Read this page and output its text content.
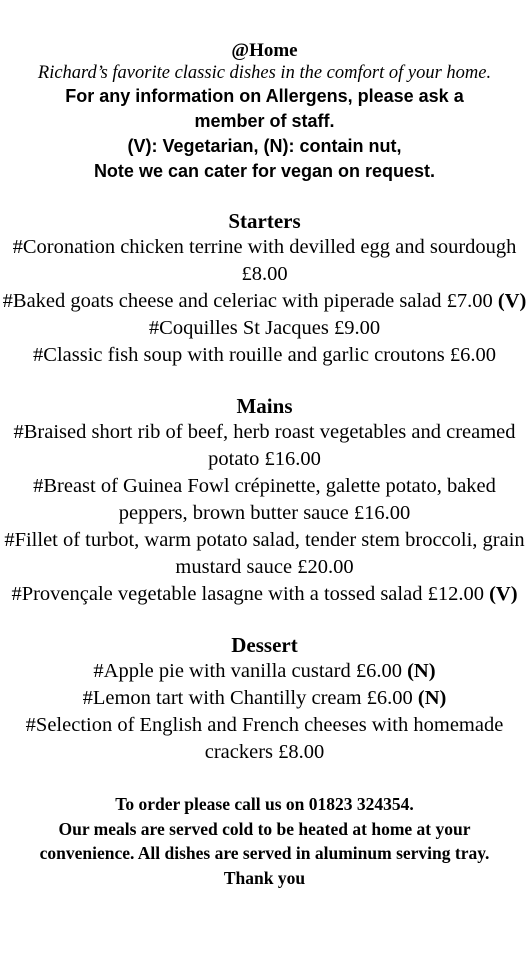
@Home
Richard’s favorite classic dishes in the comfort of your home.
For any information on Allergens, please ask a
member of staff.
(V): Vegetarian, (N): contain nut,
Note we can cater for vegan on request.
Starters
#Coronation chicken terrine with devilled egg and sourdough £8.00
#Baked goats cheese and celeriac with piperade salad £7.00 (V)
#Coquilles St Jacques £9.00
#Classic fish soup with rouille and garlic croutons £6.00
Mains
#Braised short rib of beef, herb roast vegetables and creamed potato £16.00
#Breast of Guinea Fowl crépinette, galette potato, baked peppers, brown butter sauce £16.00
#Fillet of turbot, warm potato salad, tender stem broccoli, grain mustard sauce £20.00
#Provençale vegetable lasagne with a tossed salad £12.00 (V)
Dessert
#Apple pie with vanilla custard £6.00 (N)
#Lemon tart with Chantilly cream £6.00 (N)
#Selection of English and French cheeses with homemade crackers £8.00
To order please call us on 01823 324354.
Our meals are served cold to be heated at home at your
convenience. All dishes are served in aluminum serving tray.
Thank you
